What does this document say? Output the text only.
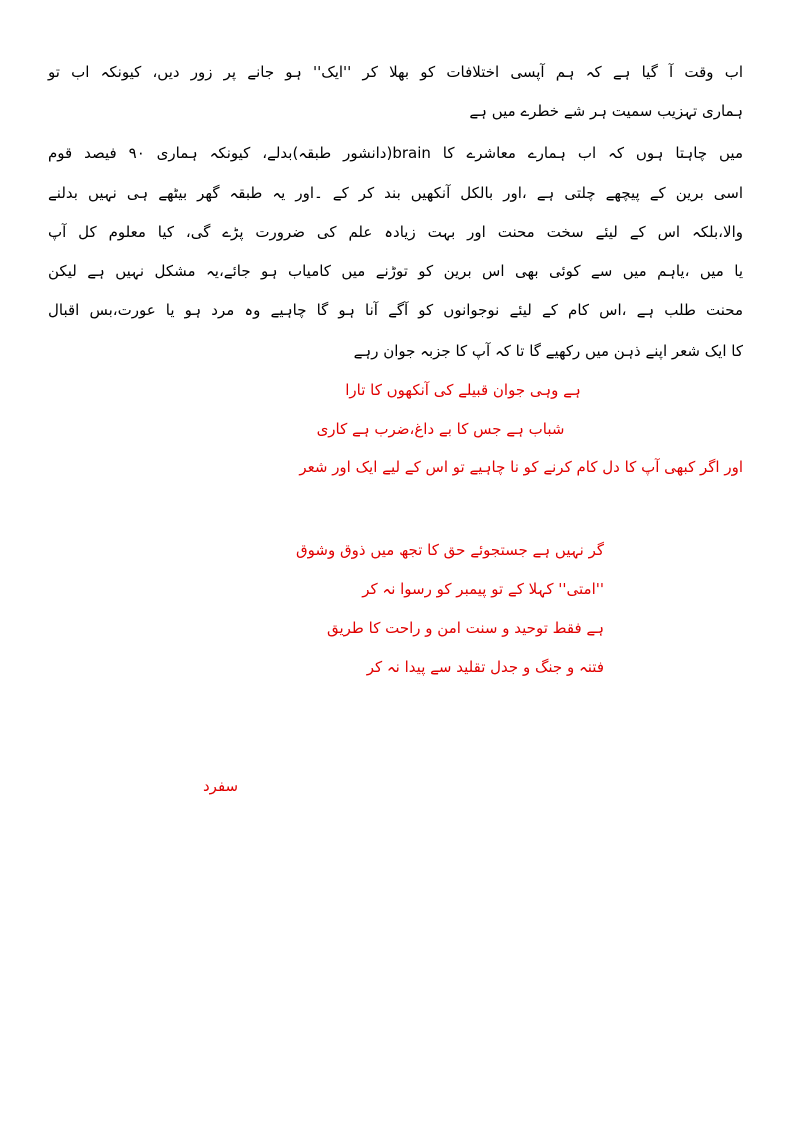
اب وقت آ گیا ہے کہ ہم آپسی اختلافات کو بھلا کر ''ایک'' ہو جانے پر زور دیں، کیونکہ اب تو

ہماری تہزیب سمیت ہر شے خطرے میں ہے

میں چاہتا ہوں کہ اب ہمارے معاشرے کا brain(دانشور طبقہ)بدلے، کیونکہ ہماری ۹۰ فیصد قوم

اسی برین کے پیچھے چلتی ہے ،اور بالکل آنکھیں بند کر کے ۔اور یہ طبقہ گھر بیٹھے ہی نہیں بدلنے

والا،بلکہ اس کے لیئے سخت محنت اور بہت زیادہ علم کی ضرورت پڑے گی، کیا معلوم کل آپ

یا میں ،یاہم میں سے کوئی بھی اس برین کو توڑنے میں کامیاب ہو جائے،یہ مشکل نہیں ہے لیکن

محنت طلب ہے ،اس کام کے لیئے نوجوانوں کو آگے آنا ہو گا چاہیے وہ مرد ہو یا عورت،بس اقبال

کا ایک شعر اپنے ذہن میں رکھیے گا تا کہ آپ کا جزبہ جوان رہے

ہے وہی جوان قبیلے کی آنکھوں کا تارا

شباب ہے جس کا بے داغ،ضرب ہے کاری

اور اگر کبھی آپ کا دل کام کرنے کو نا چاہیے تو اس کے لیے ایک اور شعر

گر نہیں ہے جستجوئے حق کا تجھ میں ذوق وشوق

''امتی'' کہلا کے تو پیمبر کو رسوا نہ کر

ہے فقط توحید و سنت امن و راحت کا طریق

فتنہ و جنگ و جدل تقلید سے پیدا نہ کر

سفرد
